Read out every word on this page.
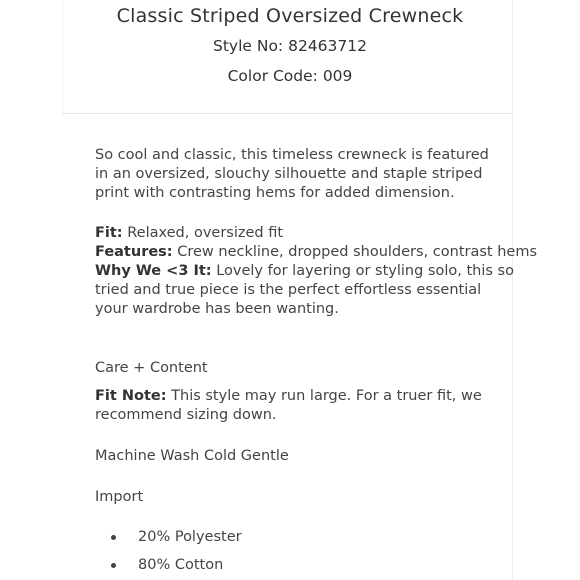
Classic Striped Oversized Crewneck
Style No: 82463712
Color Code: 009

So cool and classic, this timeless crewneck is featured in an oversized, slouchy silhouette and staple striped print with contrasting hems for added dimension.

Fit: Relaxed, oversized fit
Features: Crew neckline, dropped shoulders, contrast hems
Why We <3 It: Lovely for layering or styling solo, this so tried and true piece is the perfect effortless essential your wardrobe has been wanting.
Care + Content

Fit Note: This style may run large. For a truer fit, we recommend sizing down.

Machine Wash Cold Gentle
Import
20% Polyester
80% Cotton
